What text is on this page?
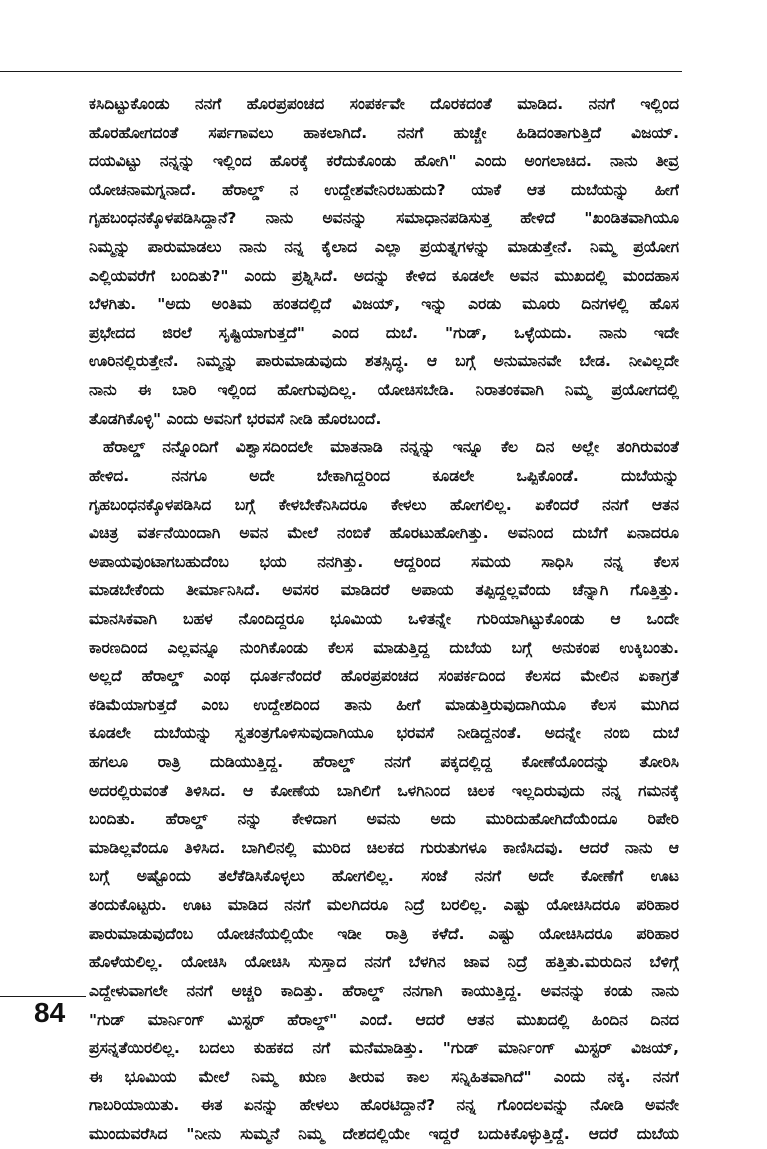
ಕಸಿದಿಟ್ಟುಕೊಂಡು ನನಗೆ ಹೊರಪ್ರಪಂಚದ ಸಂಪರ್ಕವೇ ದೊರಕದಂತೆ ಮಾಡಿದ. ನನಗೆ ಇಲ್ಲಿಂದ
ಹೊರಹೋಗದಂತೆ ಸರ್ಪಗಾವಲು ಹಾಕಲಾಗಿದೆ. ನನಗೆ ಹುಚ್ಚೇ ಹಿಡಿದಂತಾಗುತ್ತಿದೆ ವಿಜಯ್.
ದಯವಿಟ್ಟು ನನ್ನನ್ನು ಇಲ್ಲಿಂದ ಹೊರಕ್ಕೆ ಕರೆದುಕೊಂಡು ಹೋಗಿ" ಎಂದು ಅಂಗಲಾಚಿದ. ನಾನು ತೀವ್ರ
ಯೋಚನಾಮಗ್ನನಾದೆ. ಹೆರಾಲ್ಡ್ ನ ಉದ್ದೇಶವೇನಿರಬಹುದು? ಯಾಕೆ ಆತ ದುಬೆಯನ್ನು ಹೀಗೆ
ಗೃಹಬಂಧನಕ್ಕೊಳಪಡಿಸಿದ್ದಾನೆ? ನಾನು ಅವನನ್ನು ಸಮಾಧಾನಪಡಿಸುತ್ತ ಹೇಳಿದೆ "ಖಂಡಿತವಾಗಿಯೂ
ನಿಮ್ಮನ್ನು ಪಾರುಮಾಡಲು ನಾನು ನನ್ನ ಕೈಲಾದ ಎಲ್ಲಾ ಪ್ರಯತ್ನಗಳನ್ನು ಮಾಡುತ್ತೇನೆ. ನಿಮ್ಮ ಪ್ರಯೋಗ
ಎಲ್ಲಿಯವರೆಗೆ ಬಂದಿತು?" ಎಂದು ಪ್ರಶ್ನಿಸಿದೆ. ಅದನ್ನು ಕೇಳಿದ ಕೂಡಲೇ ಅವನ ಮುಖದಲ್ಲಿ ಮಂದಹಾಸ
ಬೆಳಗಿತು. "ಅದು ಅಂತಿಮ ಹಂತದಲ್ಲಿದೆ ವಿಜಯ್, ಇನ್ನು ಎರಡು ಮೂರು ದಿನಗಳಲ್ಲಿ ಹೊಸ
ಪ್ರಭೇದದ ಜಿರಲೆ ಸೃಷ್ಟಿಯಾಗುತ್ತದೆ" ಎಂದ ದುಬೆ. "ಗುಡ್, ಒಳ್ಳೆಯದು. ನಾನು ಇದೇ
ಊರಿನಲ್ಲಿರುತ್ತೇನೆ. ನಿಮ್ಮನ್ನು ಪಾರುಮಾಡುವುದು ಶತಸ್ಸಿದ್ಧ. ಆ ಬಗ್ಗೆ ಅನುಮಾನವೇ ಬೇಡ. ನೀವಿಲ್ಲದೇ
ನಾನು ಈ ಬಾರಿ ಇಲ್ಲಿಂದ ಹೋಗುವುದಿಲ್ಲ. ಯೋಚಿಸಬೇಡಿ. ನಿರಾತಂಕವಾಗಿ ನಿಮ್ಮ ಪ್ರಯೋಗದಲ್ಲಿ
ತೊಡಗಿಕೊಳ್ಳಿ" ಎಂದು ಅವನಿಗೆ ಭರವಸೆ ನೀಡಿ ಹೊರಬಂದೆ.
ಹೆರಾಲ್ಡ್ ನನ್ನೊಂದಿಗೆ ವಿಶ್ವಾಸದಿಂದಲೇ ಮಾತನಾಡಿ ನನ್ನನ್ನು ಇನ್ನೂ ಕೆಲ ದಿನ ಅಲ್ಲೇ ತಂಗಿರುವಂತೆ
ಹೇಳಿದ. ನನಗೂ ಅದೇ ಬೇಕಾಗಿದ್ದರಿಂದ ಕೂಡಲೇ ಒಪ್ಪಿಕೊಂಡೆ. ದುಬೆಯನ್ನು
ಗೃಹಬಂಧನಕ್ಕೊಳಪಡಿಸಿದ ಬಗ್ಗೆ ಕೇಳಬೇಕೆನಿಸಿದರೂ ಕೇಳಲು ಹೋಗಲಿಲ್ಲ. ಏಕೆಂದರೆ ನನಗೆ ಆತನ
ವಿಚಿತ್ರ ವರ್ತನೆಯಿಂದಾಗಿ ಅವನ ಮೇಲೆ ನಂಬಿಕೆ ಹೊರಟುಹೋಗಿತ್ತು. ಅವನಿಂದ ದುಬೆಗೆ ಏನಾದರೂ
ಅಪಾಯವುಂಟಾಗಬಹುದೆಂಬ ಭಯ ನನಗಿತ್ತು. ಆದ್ದರಿಂದ ಸಮಯ ಸಾಧಿಸಿ ನನ್ನ ಕೆಲಸ
ಮಾಡಬೇಕೆಂದು ತೀರ್ಮಾನಿಸಿದೆ. ಅವಸರ ಮಾಡಿದರೆ ಅಪಾಯ ತಪ್ಪಿದ್ದಲ್ಲವೆಂದು ಚೆನ್ನಾಗಿ ಗೊತ್ತಿತ್ತು.
ಮಾನಸಿಕವಾಗಿ ಬಹಳ ನೊಂದಿದ್ದರೂ ಭೂಮಿಯ ಒಳಿತನ್ನೇ ಗುರಿಯಾಗಿಟ್ಟುಕೊಂಡು ಆ ಒಂದೇ
ಕಾರಣದಿಂದ ಎಲ್ಲವನ್ನೂ ನುಂಗಿಕೊಂಡು ಕೆಲಸ ಮಾಡುತ್ತಿದ್ದ ದುಬೆಯ ಬಗ್ಗೆ ಅನುಕಂಪ ಉಕ್ಕಿಬಂತು.
ಅಲ್ಲದೆ ಹೆರಾಲ್ಡ್ ಎಂಥ ಧೂರ್ತನೆಂದರೆ ಹೊರಪ್ರಪಂಚದ ಸಂಪರ್ಕದಿಂದ ಕೆಲಸದ ಮೇಲಿನ ಏಕಾಗ್ರತೆ
ಕಡಿಮೆಯಾಗುತ್ತದೆ ಎಂಬ ಉದ್ದೇಶದಿಂದ ತಾನು ಹೀಗೆ ಮಾಡುತ್ತಿರುವುದಾಗಿಯೂ ಕೆಲಸ ಮುಗಿದ
ಕೂಡಲೇ ದುಬೆಯನ್ನು ಸ್ವತಂತ್ರಗೊಳಿಸುವುದಾಗಿಯೂ ಭರವಸೆ ನೀಡಿದ್ದನಂತೆ. ಅದನ್ನೇ ನಂಬಿ ದುಬೆ
ಹಗಲೂ ರಾತ್ರಿ ದುಡಿಯುತ್ತಿದ್ದ. ಹೆರಾಲ್ಡ್ ನನಗೆ ಪಕ್ಕದಲ್ಲಿದ್ದ ಕೋಣೆಯೊಂದನ್ನು ತೋರಿಸಿ
ಅದರಲ್ಲಿರುವಂತೆ ತಿಳಿಸಿದ. ಆ ಕೋಣೆಯ ಬಾಗಿಲಿಗೆ ಒಳಗಿನಿಂದ ಚಿಲಕ ಇಲ್ಲದಿರುವುದು ನನ್ನ ಗಮನಕ್ಕೆ
ಬಂದಿತು. ಹೆರಾಲ್ಡ್ ನನ್ನು ಕೇಳಿದಾಗ ಅವನು ಅದು ಮುರಿದುಹೋಗಿದೆಯೆಂದೂ ರಿಪೇರಿ
ಮಾಡಿಲ್ಲವೆಂದೂ ತಿಳಿಸಿದ. ಬಾಗಿಲಿನಲ್ಲಿ ಮುರಿದ ಚಿಲಕದ ಗುರುತುಗಳೂ ಕಾಣಿಸಿದವು. ಆದರೆ ನಾನು ಆ
ಬಗ್ಗೆ ಅಷ್ಟೊಂದು ತಲೆಕೆಡಿಸಿಕೊಳ್ಳಲು ಹೋಗಲಿಲ್ಲ. ಸಂಜೆ ನನಗೆ ಅದೇ ಕೋಣೆಗೆ ಊಟ
ತಂದುಕೊಟ್ಟರು. ಊಟ ಮಾಡಿದ ನನಗೆ ಮಲಗಿದರೂ ನಿದ್ರೆ ಬರಲಿಲ್ಲ. ಎಷ್ಟು ಯೋಚಿಸಿದರೂ ಪರಿಹಾರ
ಪಾರುಮಾಡುವುದೆಂಬ ಯೋಚನೆಯಲ್ಲಿಯೇ ಇಡೀ ರಾತ್ರಿ ಕಳೆದೆ. ಎಷ್ಟು ಯೋಚಿಸಿದರೂ ಪರಿಹಾರ
ಹೊಳೆಯಲಿಲ್ಲ. ಯೋಚಿಸಿ ಯೋಚಿಸಿ ಸುಸ್ತಾದ ನನಗೆ ಬೆಳಗಿನ ಜಾವ ನಿದ್ರೆ ಹತ್ತಿತು.ಮರುದಿನ ಬೆಳಿಗ್ಗೆ
ಎದ್ದೇಳುವಾಗಲೇ ನನಗೆ ಅಚ್ಚರಿ ಕಾದಿತ್ತು. ಹೆರಾಲ್ಡ್ ನನಗಾಗಿ ಕಾಯುತ್ತಿದ್ದ. ಅವನನ್ನು ಕಂಡು ನಾನು
"ಗುಡ್ ಮಾರ್ನಿಂಗ್ ಮಿಸ್ಟರ್ ಹೆರಾಲ್ಡ್" ಎಂದೆ. ಆದರೆ ಆತನ ಮುಖದಲ್ಲಿ ಹಿಂದಿನ ದಿನದ
ಪ್ರಸನ್ನತೆಯಿರಲಿಲ್ಲ. ಬದಲು ಕುಹಕದ ನಗೆ ಮನೆಮಾಡಿತ್ತು. "ಗುಡ್ ಮಾರ್ನಿಂಗ್ ಮಿಸ್ಟರ್ ವಿಜಯ್,
ಈ ಭೂಮಿಯ ಮೇಲೆ ನಿಮ್ಮ ಋಣ ತೀರುವ ಕಾಲ ಸನ್ನಿಹಿತವಾಗಿದೆ" ಎಂದು ನಕ್ಕ. ನನಗೆ
ಗಾಬರಿಯಾಯಿತು. ಈತ ಏನನ್ನು ಹೇಳಲು ಹೊರಟಿದ್ದಾನೆ? ನನ್ನ ಗೊಂದಲವನ್ನು ನೋಡಿ ಅವನೇ
ಮುಂದುವರೆಸಿದ "ನೀನು ಸುಮ್ಮನೆ ನಿಮ್ಮ ದೇಶದಲ್ಲಿಯೇ ಇದ್ದರೆ ಬದುಕಿಕೊಳ್ಳುತ್ತಿದ್ದೆ. ಆದರೆ ದುಬೆಯ
84
